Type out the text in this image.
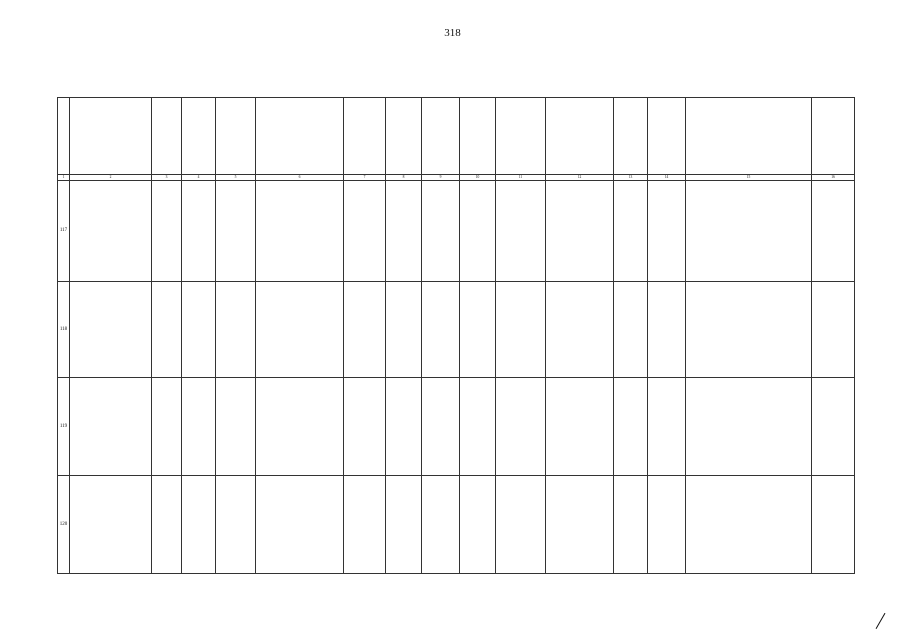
318

1	2	3	4	5	6	7	8	9	10	11	12	13	14	15	16
117															
118															
119															
120															
